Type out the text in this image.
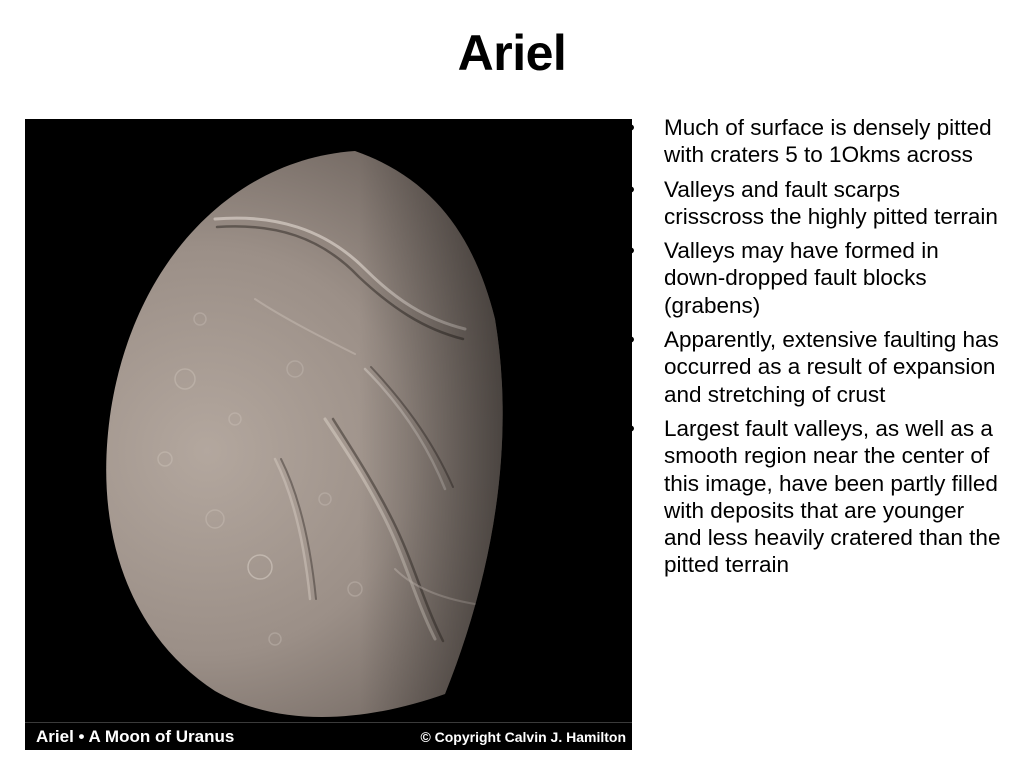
Ariel
Ariel • A Moon of Uranus	© Copyright Calvin J. Hamilton
• Much of surface is densely pitted with craters 5 to 1Okms across
• Valleys and fault scarps crisscross the highly pitted terrain
• Valleys may have formed in down-dropped fault blocks (grabens)
• Apparently, extensive faulting has occurred as a result of expansion and stretching of crust
• Largest fault valleys, as well as a smooth region near the center of this image, have been partly filled with deposits that are younger and less heavily cratered than the pitted terrain
